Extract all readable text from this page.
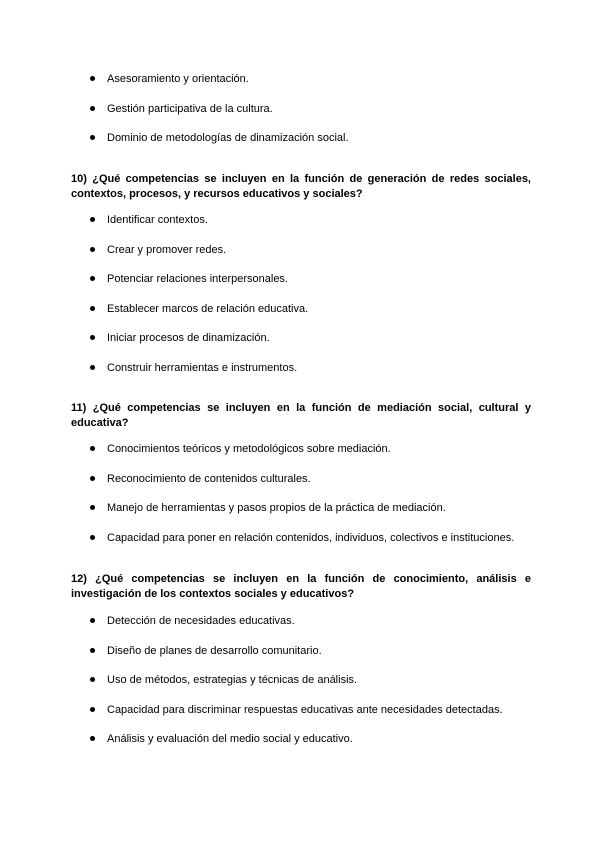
Asesoramiento y orientación.
Gestión participativa de la cultura.
Dominio de metodologías de dinamización social.
10) ¿Qué competencias se incluyen en la función de generación de redes sociales, contextos, procesos, y recursos educativos y sociales?
Identificar contextos.
Crear y promover redes.
Potenciar relaciones interpersonales.
Establecer marcos de relación educativa.
Iniciar procesos de dinamización.
Construir herramientas e instrumentos.
11) ¿Qué competencias se incluyen en la función de mediación social, cultural y educativa?
Conocimientos teóricos y metodológicos sobre mediación.
Reconocimiento de contenidos culturales.
Manejo de herramientas y pasos propios de la práctica de mediación.
Capacidad para poner en relación contenidos, individuos, colectivos e instituciones.
12) ¿Qué competencias se incluyen en la función de conocimiento, análisis e investigación de los contextos sociales y educativos?
Detección de necesidades educativas.
Diseño de planes de desarrollo comunitario.
Uso de métodos, estrategias y técnicas de análisis.
Capacidad para discriminar respuestas educativas ante necesidades detectadas.
Análisis y evaluación del medio social y educativo.
